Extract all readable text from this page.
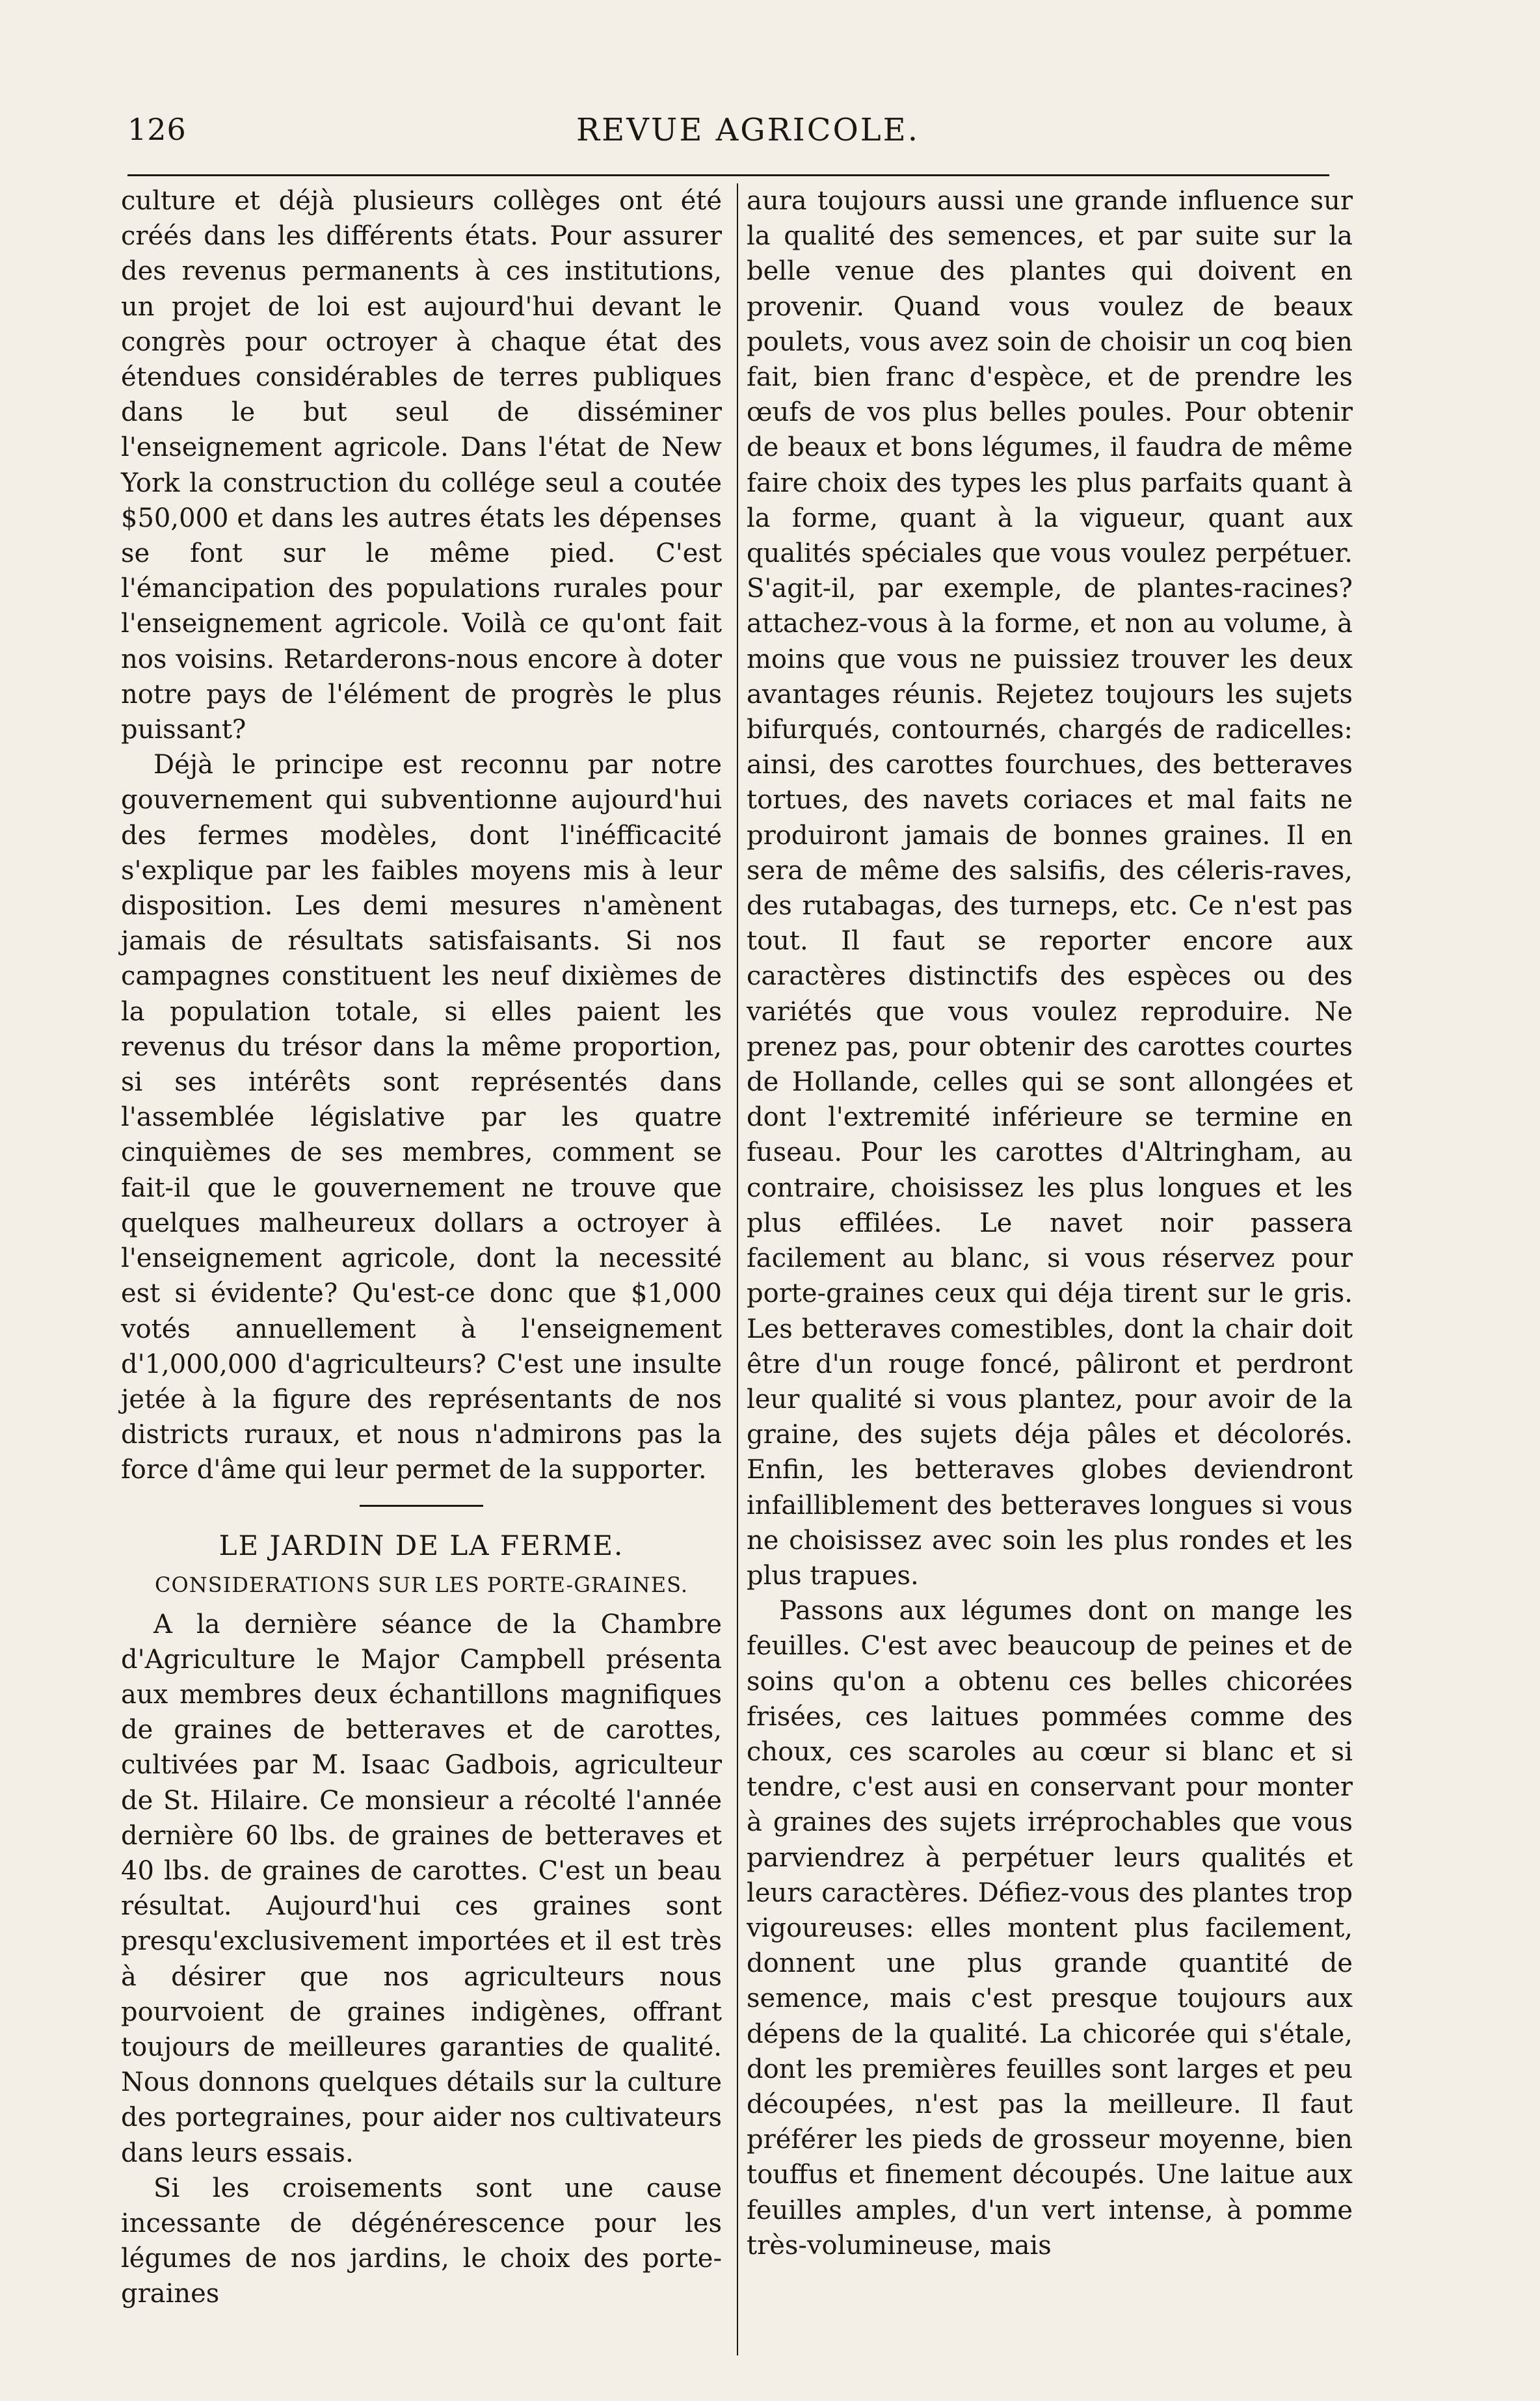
126	REVUE AGRICOLE.

culture et déjà plusieurs collèges ont été créés dans les différents états. Pour assurer des revenus permanents à ces institutions, un projet de loi est aujourd'hui devant le congrès pour octroyer à chaque état des étendues considérables de terres publiques dans le but seul de disséminer l'enseignement agricole. Dans l'état de New York la construction du collége seul a coutée $50,000 et dans les autres états les dépenses se font sur le même pied. C'est l'émancipation des populations rurales pour l'enseignement agricole. Voilà ce qu'ont fait nos voisins. Retarderons-nous encore à doter notre pays de l'élément de progrès le plus puissant?

Déjà le principe est reconnu par notre gouvernement qui subventionne aujourd'hui des fermes modèles, dont l'inéfficacité s'explique par les faibles moyens mis à leur disposition. Les demi mesures n'amènent jamais de résultats satisfaisants. Si nos campagnes constituent les neuf dixièmes de la population totale, si elles paient les revenus du trésor dans la même proportion, si ses intérêts sont représentés dans l'assemblée législative par les quatre cinquièmes de ses membres, comment se fait-il que le gouvernement ne trouve que quelques malheureux dollars a octroyer à l'enseignement agricole, dont la necessité est si évidente? Qu'est-ce donc que $1,000 votés annuellement à l'enseignement d'1,000,000 d'agriculteurs? C'est une insulte jetée à la figure des représentants de nos districts ruraux, et nous n'admirons pas la force d'âme qui leur permet de la supporter.

LE JARDIN DE LA FERME.

CONSIDERATIONS SUR LES PORTE-GRAINES.

A la dernière séance de la Chambre d'Agriculture le Major Campbell présenta aux membres deux échantillons magnifiques de graines de betteraves et de carottes, cultivées par M. Isaac Gadbois, agriculteur de St. Hilaire. Ce monsieur a récolté l'année dernière 60 lbs. de graines de betteraves et 40 lbs. de graines de carottes. C'est un beau résultat. Aujourd'hui ces graines sont presqu'exclusivement importées et il est très à désirer que nos agriculteurs nous pourvoient de graines indigènes, offrant toujours de meilleures garanties de qualité. Nous donnons quelques détails sur la culture des portegraines, pour aider nos cultivateurs dans leurs essais.

Si les croisements sont une cause incessante de dégénérescence pour les légumes de nos jardins, le choix des porte-graines

aura toujours aussi une grande influence sur la qualité des semences, et par suite sur la belle venue des plantes qui doivent en provenir. Quand vous voulez de beaux poulets, vous avez soin de choisir un coq bien fait, bien franc d'espèce, et de prendre les œufs de vos plus belles poules. Pour obtenir de beaux et bons légumes, il faudra de même faire choix des types les plus parfaits quant à la forme, quant à la vigueur, quant aux qualités spéciales que vous voulez perpétuer. S'agit-il, par exemple, de plantes-racines? attachez-vous à la forme, et non au volume, à moins que vous ne puissiez trouver les deux avantages réunis. Rejetez toujours les sujets bifurqués, contournés, chargés de radicelles: ainsi, des carottes fourchues, des betteraves tortues, des navets coriaces et mal faits ne produiront jamais de bonnes graines. Il en sera de même des salsifis, des céleris-raves, des rutabagas, des turneps, etc. Ce n'est pas tout. Il faut se reporter encore aux caractères distinctifs des espèces ou des variétés que vous voulez reproduire. Ne prenez pas, pour obtenir des carottes courtes de Hollande, celles qui se sont allongées et dont l'extremité inférieure se termine en fuseau. Pour les carottes d'Altringham, au contraire, choisissez les plus longues et les plus effilées. Le navet noir passera facilement au blanc, si vous réservez pour porte-graines ceux qui déja tirent sur le gris. Les betteraves comestibles, dont la chair doit être d'un rouge foncé, pâliront et perdront leur qualité si vous plantez, pour avoir de la graine, des sujets déja pâles et décolorés. Enfin, les betteraves globes deviendront infailliblement des betteraves longues si vous ne choisissez avec soin les plus rondes et les plus trapues.

Passons aux légumes dont on mange les feuilles. C'est avec beaucoup de peines et de soins qu'on a obtenu ces belles chicorées frisées, ces laitues pommées comme des choux, ces scaroles au cœur si blanc et si tendre, c'est ausi en conservant pour monter à graines des sujets irréprochables que vous parviendrez à perpétuer leurs qualités et leurs caractères. Défiez-vous des plantes trop vigoureuses: elles montent plus facilement, donnent une plus grande quantité de semence, mais c'est presque toujours aux dépens de la qualité. La chicorée qui s'étale, dont les premières feuilles sont larges et peu découpées, n'est pas la meilleure. Il faut préférer les pieds de grosseur moyenne, bien touffus et finement découpés. Une laitue aux feuilles amples, d'un vert intense, à pomme très-volumineuse, mais
